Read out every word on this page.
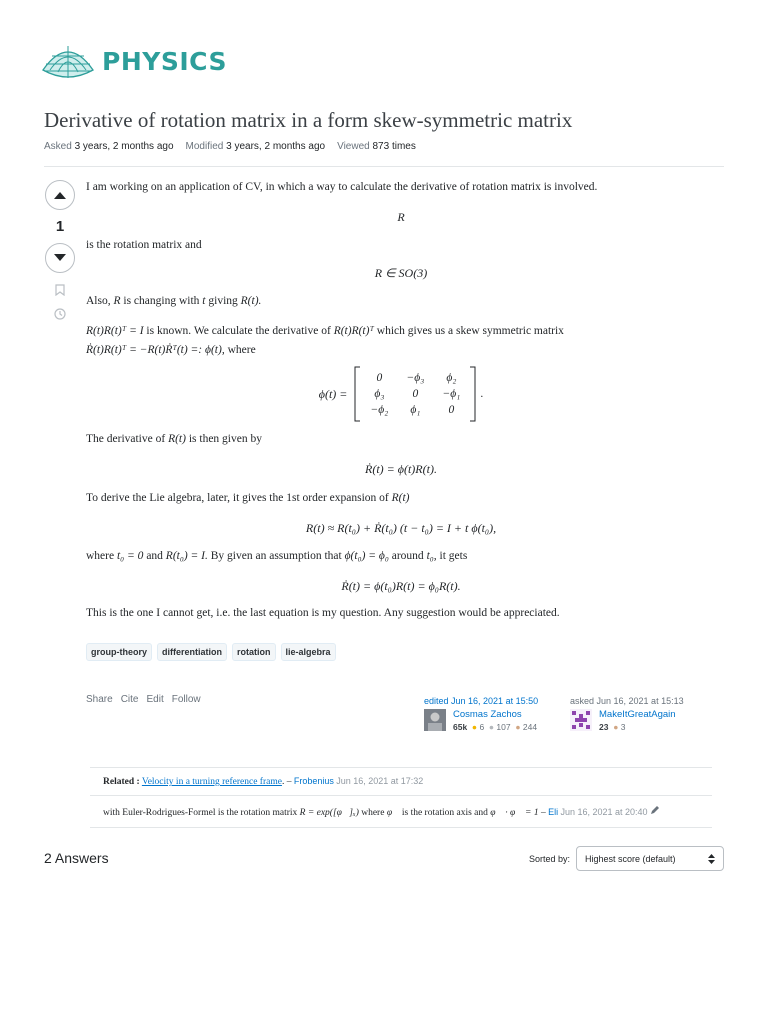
PHYSICS
Derivative of rotation matrix in a form skew-symmetric matrix
Asked 3 years, 2 months ago Modified 3 years, 2 months ago Viewed 873 times
1
I am working on an application of CV, in which a way to calculate the derivative of rotation matrix is involved.
R
is the rotation matrix and
R ∈ SO(3)
Also, R is changing with t giving R(t).
R(t)R(t)ᵀ = I is known. We calculate the derivative of R(t)R(t)ᵀ which gives us a skew symmetric matrix
Ṙ(t)R(t)ᵀ = −R(t)Ṙᵀ(t) =: ϕ(t), where
ϕ(t) =
0	−ϕ₃	ϕ₂
ϕ₃	0	−ϕ₁
−ϕ₂	ϕ₁	0
.
The derivative of R(t) is then given by
Ṙ(t) = ϕ(t)R(t).
To derive the Lie algebra, later, it gives the 1st order expansion of R(t)
R(t) ≈ R(t₀) + Ṙ(t₀) (t − t₀) = I + t ϕ(t₀),
where t₀ = 0 and R(t₀) = I. By given an assumption that ϕ(t₀) = ϕ₀ around t₀, it gets
Ṙ(t) = ϕ(t₀)R(t) = ϕ₀R(t).
This is the one I cannot get, i.e. the last equation is my question. Any suggestion would be appreciated.
group-theory	differentiation	rotation	lie-algebra
Share Cite Edit Follow	edited Jun 16, 2021 at 15:50
Cosmas Zachos
65k ● 6 ● 107 ● 244
asked Jun 16, 2021 at 15:13
MakeItGreatAgain
23 ● 3
Related : Velocity in a turning reference frame. – Frobenius Jun 16, 2021 at 17:32
with Euler-Rodrigues-Formel is the rotation matrix R = exp([φ⃗]ₓ) where φ⃗ is the rotation axis and φ⃗ · φ⃗ = 1 – Eli Jun 16, 2021 at 20:40
2 Answers	Sorted by: Highest score (default)
